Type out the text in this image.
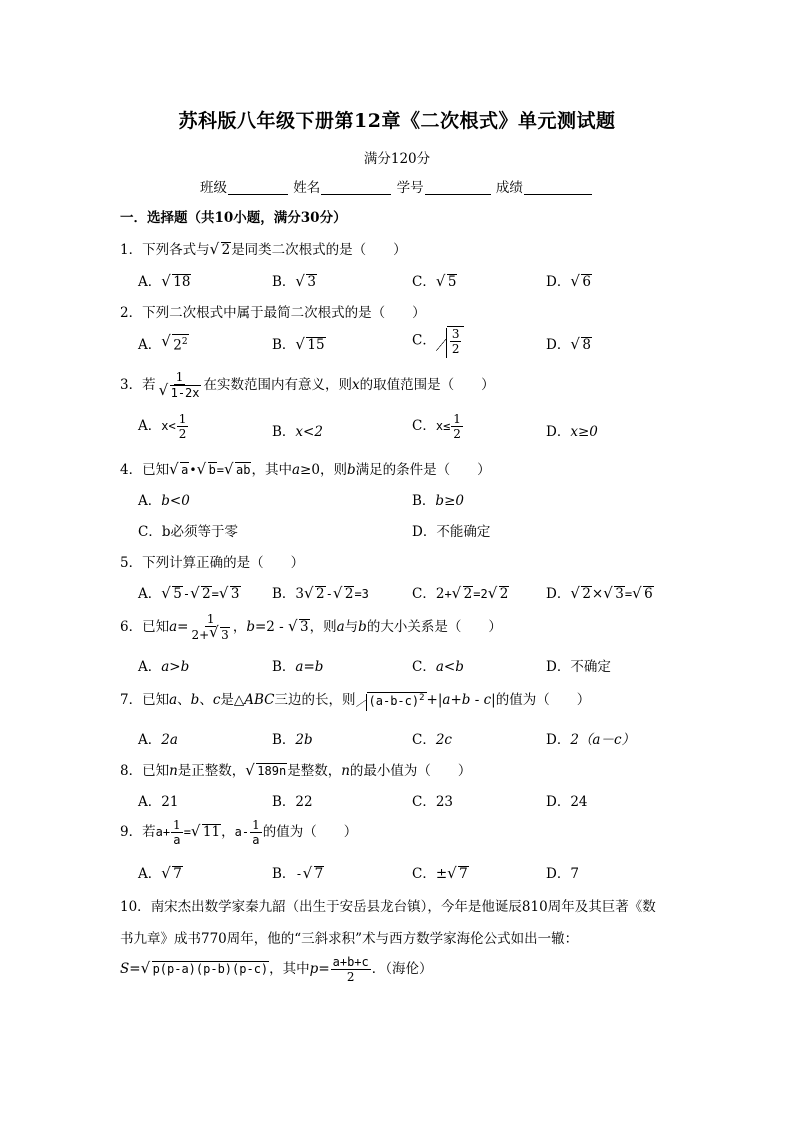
苏科版八年级下册第12章《二次根式》单元测试题
满分120分
班级	姓名	学号	成绩
一．选择题（共10小题，满分30分）
1．下列各式与 √ 2是同类二次根式的是（　　）
A． √ 18	B． √ 3	C． √ 5	D． √ 6
2．下列二次根式中属于最简二次根式的是（　　）
A． √ $2^2$	B． √ 15	C． $\frac{3}{2}$	D． √ 8
3．若 1
√ 1-2x 在实数范围内有意义，则x的取值范围是（　　）
A．$x< \frac{1}{2}$	B．x<2	C．$x\le \frac{1}{2}$	D．x≥0
4．已知 √ a• √ b= √ ab，其中a≥0，则b满足的条件是（　　）
A．b<0	B．b≥0
C．b必须等于零	D．不能确定
5．下列计算正确的是（　　）
A． √ 5- √ 2= √ 3 B．3 √ 2- √ 2=3	C．2+ √ 2=2 √ 2	D． √ 2× √ 3= √ 6
6．已知$a= \frac{1}{2+ √ 3}$ ，b=2 - √ 3，则a与b的大小关系是（　　）
A．a>b	B．a=b	C．a<b	D．不确定
7．已知a、b、c是△ABC三边的长，则 $(a-b-c)^2 +|a+b - c|$的值为（　　）
A．2a	B．2b	C．2c	D．2（a－c）
8．已知n是正整数， √ 189n是整数，n的最小值为（　　）
A．21	B．22	C．23	D．24
9．若$a+ \frac{1}{a}$ = √ 11，$a- \frac{1}{a}$ 的值为（　　）
A． √ 7	B．- √ 7	C．± √ 7	D．7
10．南宋杰出数学家秦九韶（出生于安岳县龙台镇），今年是他诞辰810周年及其巨著《数
书九章》成书770周年，他的“三斜求积”术与西方数学家海伦公式如出一辙：
S= √ p(p-a)(p-b)(p-c)，其中$p= \frac{a+b+c}{2}$ ．（海伦）
